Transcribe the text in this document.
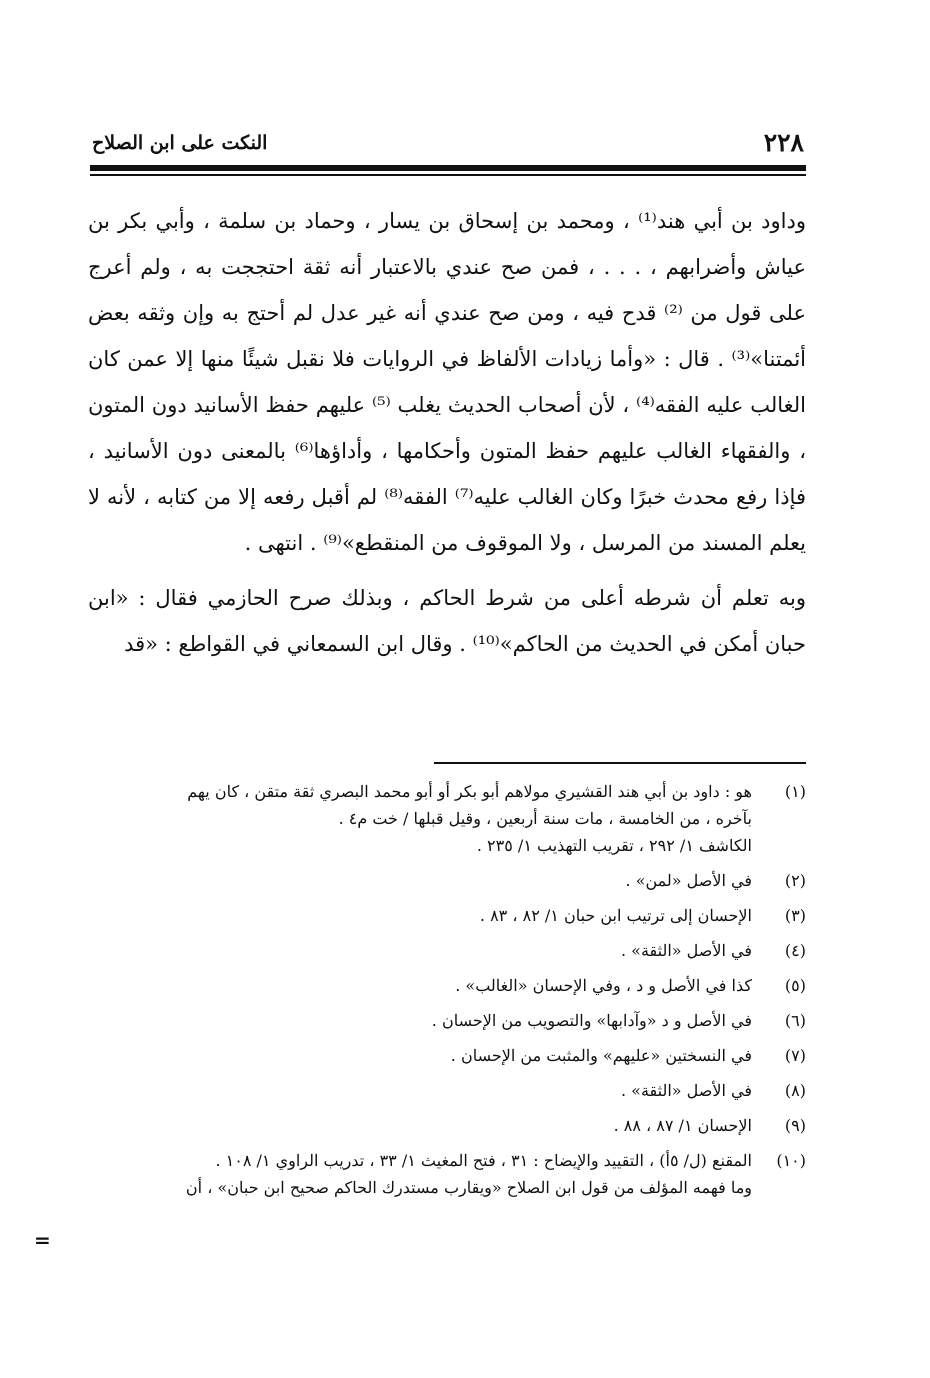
٢٢٨
النكت على ابن الصلاح

وداود بن أبي هند⁽¹⁾ ، ومحمد بن إسحاق بن يسار ، وحماد بن سلمة ، وأبي بكر بن عياش وأضرابهم ، . . . ، فمن صح عندي بالاعتبار أنه ثقة احتججت به ، ولم أعرج على قول من ⁽²⁾ قدح فيه ، ومن صح عندي أنه غير عدل لم أحتج به وإن وثقه بعض أئمتنا»⁽³⁾ . قال : «وأما زيادات الألفاظ في الروايات فلا نقبل شيئًا منها إلا عمن كان الغالب عليه الفقه⁽⁴⁾ ، لأن أصحاب الحديث يغلب ⁽⁵⁾ عليهم حفظ الأسانيد دون المتون ، والفقهاء الغالب عليهم حفظ المتون وأحكامها ، وأداؤها⁽⁶⁾ بالمعنى دون الأسانيد ، فإذا رفع محدث خبرًا وكان الغالب عليه⁽⁷⁾ الفقه⁽⁸⁾ لم أقبل رفعه إلا من كتابه ، لأنه لا يعلم المسند من المرسل ، ولا الموقوف من المنقطع»⁽⁹⁾ . انتهى .

وبه تعلم أن شرطه أعلى من شرط الحاكم ، وبذلك صرح الحازمي فقال : «ابن حبان أمكن في الحديث من الحاكم»⁽¹⁰⁾ . وقال ابن السمعاني في القواطع : «قد

(١)
هو : داود بن أبي هند القشيري مولاهم أبو بكر أو أبو محمد البصري ثقة متقن ، كان يهم
بآخره ، من الخامسة ، مات سنة أربعين ، وقيل قبلها / خت م٤ .
الكاشف ١/ ٢٩٢ ، تقريب التهذيب ١/ ٢٣٥ .
(٢)
في الأصل «لمن» .
(٣)
الإحسان إلى ترتيب ابن حبان ١/ ٨٢ ، ٨٣ .
(٤)
في الأصل «الثقة» .
(٥)
كذا في الأصل و د ، وفي الإحسان «الغالب» .
(٦)
في الأصل و د «وآدابها» والتصويب من الإحسان .
(٧)
في النسختين «عليهم» والمثبت من الإحسان .
(٨)
في الأصل «الثقة» .
(٩)
الإحسان ١/ ٨٧ ، ٨٨ .
(١٠)
المقنع (ل/ ٥أ) ، التقييد والإيضاح : ٣١ ، فتح المغيث ١/ ٣٣ ، تدريب الراوي ١/ ١٠٨ .
وما فهمه المؤلف من قول ابن الصلاح «ويقارب مستدرك الحاكم صحيح ابن حبان» ، أن
=
